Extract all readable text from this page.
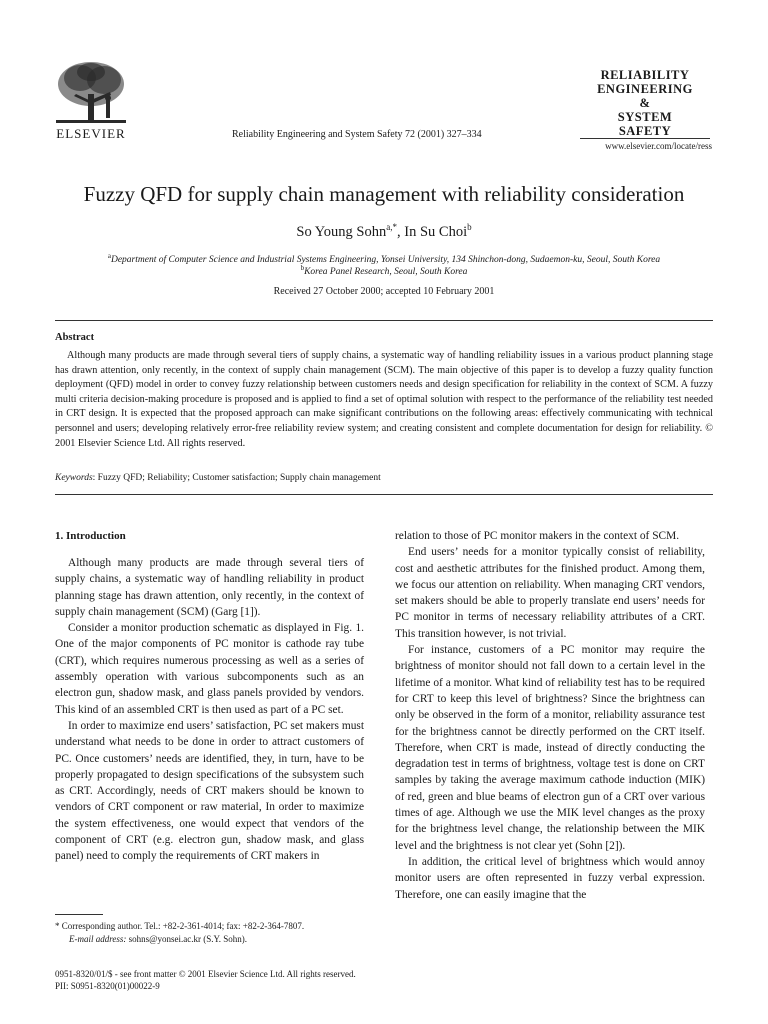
ELSEVIER	Reliability Engineering and System Safety 72 (2001) 327–334
RELIABILITY
ENGINEERING
&
SYSTEM
SAFETY
www.elsevier.com/locate/ress
Fuzzy QFD for supply chain management with reliability consideration
So Young Sohn$^{a,*}$, In Su Choi$^b$
$^a$Department of Computer Science and Industrial Systems Engineering, Yonsei University, 134 Shinchon-dong, Sudaemon-ku, Seoul, South Korea
$^b$Korea Panel Research, Seoul, South Korea
Received 27 October 2000; accepted 10 February 2001
Abstract
Although many products are made through several tiers of supply chains, a systematic way of handling reliability issues in a various product planning stage has drawn attention, only recently, in the context of supply chain management (SCM). The main objective of this paper is to develop a fuzzy quality function deployment (QFD) model in order to convey fuzzy relationship between customers needs and design specification for reliability in the context of SCM. A fuzzy multi criteria decision-making procedure is proposed and is applied to find a set of optimal solution with respect to the performance of the reliability test needed in CRT design. It is expected that the proposed approach can make significant contributions on the following areas: effectively communicating with technical personnel and users; developing relatively error-free reliability review system; and creating consistent and complete documentation for design for reliability. © 2001 Elsevier Science Ltd. All rights reserved.
Keywords: Fuzzy QFD; Reliability; Customer satisfaction; Supply chain management
1. Introduction

Although many products are made through several tiers of supply chains, a systematic way of handling reliability in product planning stage has drawn attention, only recently, in the context of supply chain management (SCM) (Garg [1]).

Consider a monitor production schematic as displayed in Fig. 1. One of the major components of PC monitor is cathode ray tube (CRT), which requires numerous processing as well as a series of assembly operation with various subcomponents such as an electron gun, shadow mask, and glass panels provided by vendors. This kind of an assembled CRT is then used as part of a PC set.

In order to maximize end users’ satisfaction, PC set makers must understand what needs to be done in order to attract customers of PC. Once customers’ needs are identified, they, in turn, have to be properly propagated to design specifications of the subsystem such as CRT. Accordingly, needs of CRT makers should be known to vendors of CRT component or raw material, In order to maximize the system effectiveness, one would expect that vendors of the component of CRT (e.g. electron gun, shadow mask, and glass panel) need to comply the requirements of CRT makers in

relation to those of PC monitor makers in the context of SCM.

End users’ needs for a monitor typically consist of reliability, cost and aesthetic attributes for the finished product. Among them, we focus our attention on reliability. When managing CRT vendors, set makers should be able to properly translate end users’ needs for PC monitor in terms of necessary reliability attributes of a CRT. This transition however, is not trivial.

For instance, customers of a PC monitor may require the brightness of monitor should not fall down to a certain level in the lifetime of a monitor. What kind of reliability test has to be required for CRT to keep this level of brightness? Since the brightness can only be observed in the form of a monitor, reliability assurance test for the brightness cannot be directly performed on the CRT itself. Therefore, when CRT is made, instead of directly conducting the degradation test in terms of brightness, voltage test is done on CRT samples by taking the average maximum cathode induction (MIK) of red, green and blue beams of electron gun of a CRT over various times of age. Although we use the MIK level changes as the proxy for the brightness level change, the relationship between the MIK level and the brightness is not clear yet (Sohn [2]).

In addition, the critical level of brightness which would annoy monitor users are often represented in fuzzy verbal expression. Therefore, one can easily imagine that the

* Corresponding author. Tel.: +82-2-361-4014; fax: +82-2-364-7807.
E-mail address: sohns@yonsei.ac.kr (S.Y. Sohn).
0951-8320/01/$ - see front matter © 2001 Elsevier Science Ltd. All rights reserved.
PII: S0951-8320(01)00022-9
